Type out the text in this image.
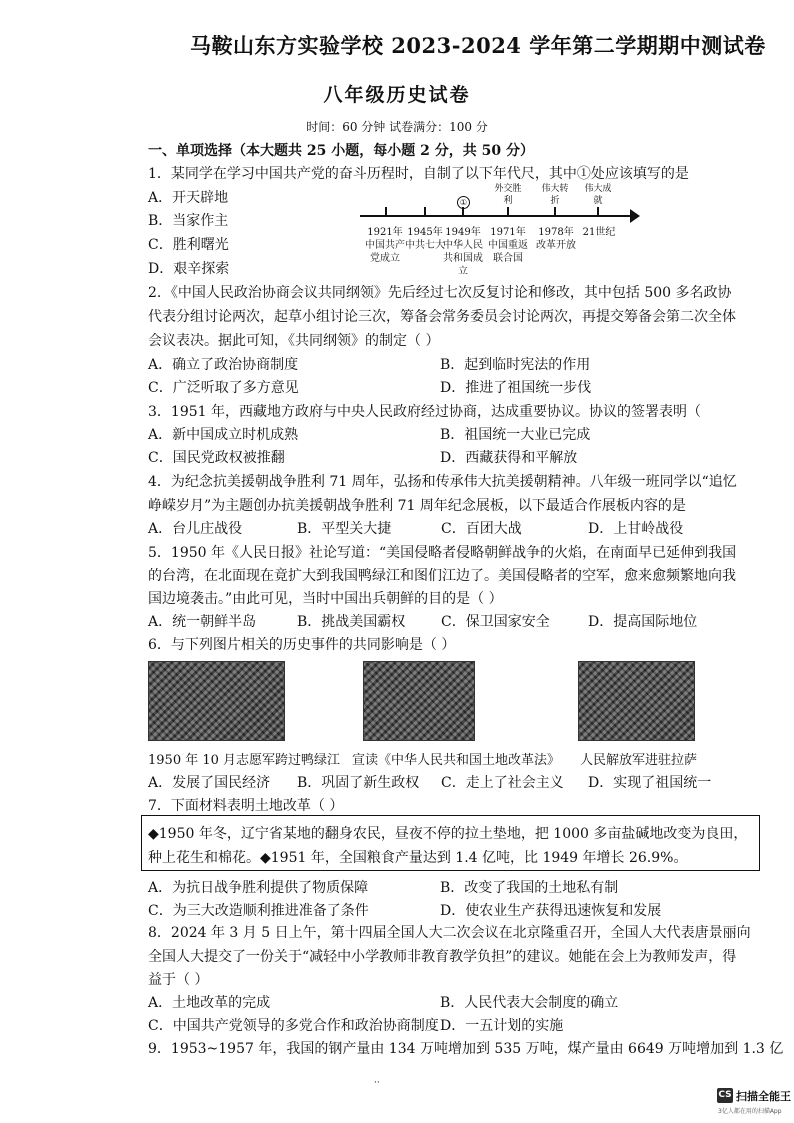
马鞍山东方实验学校 2023-2024 学年第二学期期中测试卷
八年级历史试卷
时间：60 分钟 试卷满分：100 分
一、单项选择（本大题共 25 小题，每小题 2 分，共 50 分）
1．某同学在学习中国共产党的奋斗历程时，自制了以下年代尺，其中①处应该填写的是
A．开天辟地
B．当家作主
C．胜利曙光
D．艰辛探索
①
外交胜利
伟大转折
伟大成就
1921年中国共产党成立
1945年中共七大
1949年中华人民共和国成立
1971年中国重返联合国
1978年改革开放
21世纪
2．《中国人民政治协商会议共同纲领》先后经过七次反复讨论和修改，其中包括 500 多名政协
代表分组讨论两次，起草小组讨论三次，筹备会常务委员会讨论两次，再提交筹备会第二次全体
会议表决。据此可知，《共同纲领》的制定（ ）
A．确立了政治协商制度	B．起到临时宪法的作用
C．广泛听取了多方意见	D．推进了祖国统一步伐
3．1951 年，西藏地方政府与中央人民政府经过协商，达成重要协议。协议的签署表明（
A．新中国成立时机成熟	B．祖国统一大业已完成
C．国民党政权被推翻	D．西藏获得和平解放
4．为纪念抗美援朝战争胜利 71 周年，弘扬和传承伟大抗美援朝精神。八年级一班同学以“追忆
峥嵘岁月”为主题创办抗美援朝战争胜利 71 周年纪念展板，以下最适合作展板内容的是
A．台儿庄战役	B．平型关大捷	C．百团大战	D．上甘岭战役
5．1950 年《人民日报》社论写道：“美国侵略者侵略朝鲜战争的火焰，在南面早已延伸到我国
的台湾，在北面现在竟扩大到我国鸭绿江和图们江边了。美国侵略者的空军，愈来愈频繁地向我
国边境袭击。”由此可见，当时中国出兵朝鲜的目的是（ ）
A．统一朝鲜半岛	B．挑战美国霸权	C．保卫国家安全	D．提高国际地位
6．与下列图片相关的历史事件的共同影响是（ ）
1950 年 10 月志愿军跨过鸭绿江 宣读《中华人民共和国土地改革法》 人民解放军进驻拉萨
A．发展了国民经济 B．巩固了新生政权 C．走上了社会主义 D．实现了祖国统一
7．下面材料表明土地改革（ ）
◆1950 年冬，辽宁省某地的翻身农民，昼夜不停的拉土垫地，把 1000 多亩盐碱地改变为良田，
种上花生和棉花。◆1951 年，全国粮食产量达到 1.4 亿吨，比 1949 年增长 26.9%。
A．为抗日战争胜利提供了物质保障	B．改变了我国的土地私有制
C．为三大改造顺利推进准备了条件	D．使农业生产获得迅速恢复和发展
8．2024 年 3 月 5 日上午，第十四届全国人大二次会议在北京隆重召开，全国人大代表唐景丽向
全国人大提交了一份关于“减轻中小学教师非教育教学负担”的建议。她能在会上为教师发声，得
益于（ ）
A．土地改革的完成	B．人民代表大会制度的确立
C．中国共产党领导的多党合作和政治协商制度 D．一五计划的实施
9．1953~1957 年，我国的钢产量由 134 万吨增加到 535 万吨，煤产量由 6649 万吨增加到 1.3 亿
··
CS 扫描全能王
3亿人都在用的扫描App
